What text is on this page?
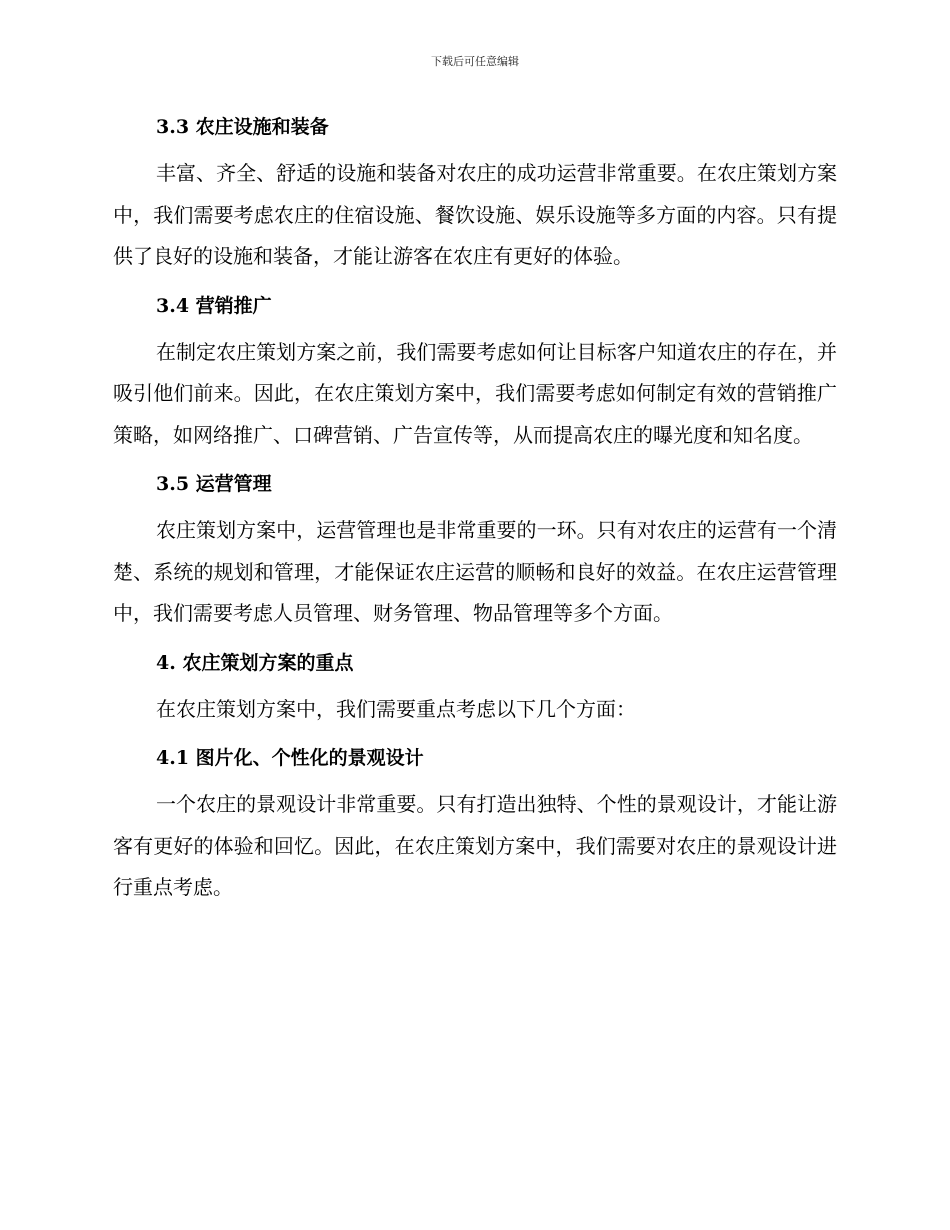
下载后可任意编辑
3.3 农庄设施和装备

丰富、齐全、舒适的设施和装备对农庄的成功运营非常重要。在农庄策划方案中，我们需要考虑农庄的住宿设施、餐饮设施、娱乐设施等多方面的内容。只有提供了良好的设施和装备，才能让游客在农庄有更好的体验。

3.4 营销推广

在制定农庄策划方案之前，我们需要考虑如何让目标客户知道农庄的存在，并吸引他们前来。因此，在农庄策划方案中，我们需要考虑如何制定有效的营销推广策略，如网络推广、口碑营销、广告宣传等，从而提高农庄的曝光度和知名度。

3.5 运营管理

农庄策划方案中，运营管理也是非常重要的一环。只有对农庄的运营有一个清楚、系统的规划和管理，才能保证农庄运营的顺畅和良好的效益。在农庄运营管理中，我们需要考虑人员管理、财务管理、物品管理等多个方面。

4. 农庄策划方案的重点

在农庄策划方案中，我们需要重点考虑以下几个方面：

4.1 图片化、个性化的景观设计

一个农庄的景观设计非常重要。只有打造出独特、个性的景观设计，才能让游客有更好的体验和回忆。因此，在农庄策划方案中，我们需要对农庄的景观设计进行重点考虑。
